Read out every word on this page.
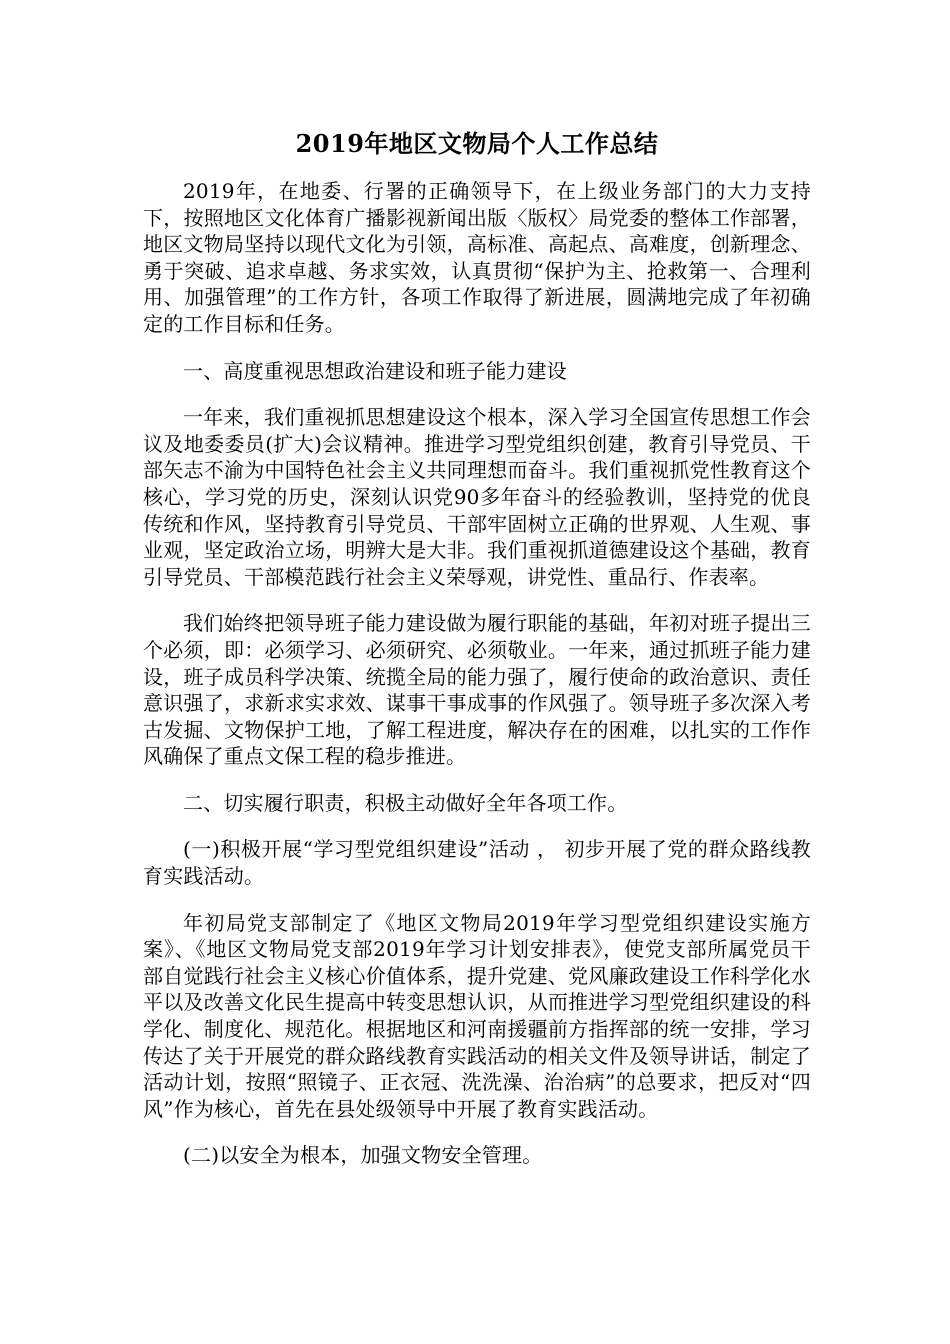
2019年地区文物局个人工作总结

2019年，在地委、行署的正确领导下，在上级业务部门的大力支持下，按照地区文化体育广播影视新闻出版〈版权〉局党委的整体工作部署，地区文物局坚持以现代文化为引领，高标准、高起点、高难度，创新理念、勇于突破、追求卓越、务求实效，认真贯彻“保护为主、抢救第一、合理利用、加强管理”的工作方针，各项工作取得了新进展，圆满地完成了年初确定的工作目标和任务。

一、高度重视思想政治建设和班子能力建设

一年来，我们重视抓思想建设这个根本，深入学习全国宣传思想工作会议及地委委员(扩大)会议精神。推进学习型党组织创建，教育引导党员、干部矢志不渝为中国特色社会主义共同理想而奋斗。我们重视抓党性教育这个核心，学习党的历史，深刻认识党90多年奋斗的经验教训，坚持党的优良传统和作风，坚持教育引导党员、干部牢固树立正确的世界观、人生观、事业观，坚定政治立场，明辨大是大非。我们重视抓道德建设这个基础，教育引导党员、干部模范践行社会主义荣辱观，讲党性、重品行、作表率。

我们始终把领导班子能力建设做为履行职能的基础，年初对班子提出三个必须，即：必须学习、必须研究、必须敬业。一年来，通过抓班子能力建设，班子成员科学决策、统揽全局的能力强了，履行使命的政治意识、责任意识强了，求新求实求效、谋事干事成事的作风强了。领导班子多次深入考古发掘、文物保护工地，了解工程进度，解决存在的困难，以扎实的工作作风确保了重点文保工程的稳步推进。

二、切实履行职责，积极主动做好全年各项工作。

(一)积极开展“学习型党组织建设”活动 ， 初步开展了党的群众路线教育实践活动。

年初局党支部制定了《地区文物局2019年学习型党组织建设实施方案》、《地区文物局党支部2019年学习计划安排表》，使党支部所属党员干部自觉践行社会主义核心价值体系，提升党建、党风廉政建设工作科学化水平以及改善文化民生提高中转变思想认识，从而推进学习型党组织建设的科学化、制度化、规范化。根据地区和河南援疆前方指挥部的统一安排，学习传达了关于开展党的群众路线教育实践活动的相关文件及领导讲话，制定了活动计划，按照“照镜子、正衣冠、洗洗澡、治治病”的总要求，把反对“四风”作为核心，首先在县处级领导中开展了教育实践活动。

(二)以安全为根本，加强文物安全管理。
